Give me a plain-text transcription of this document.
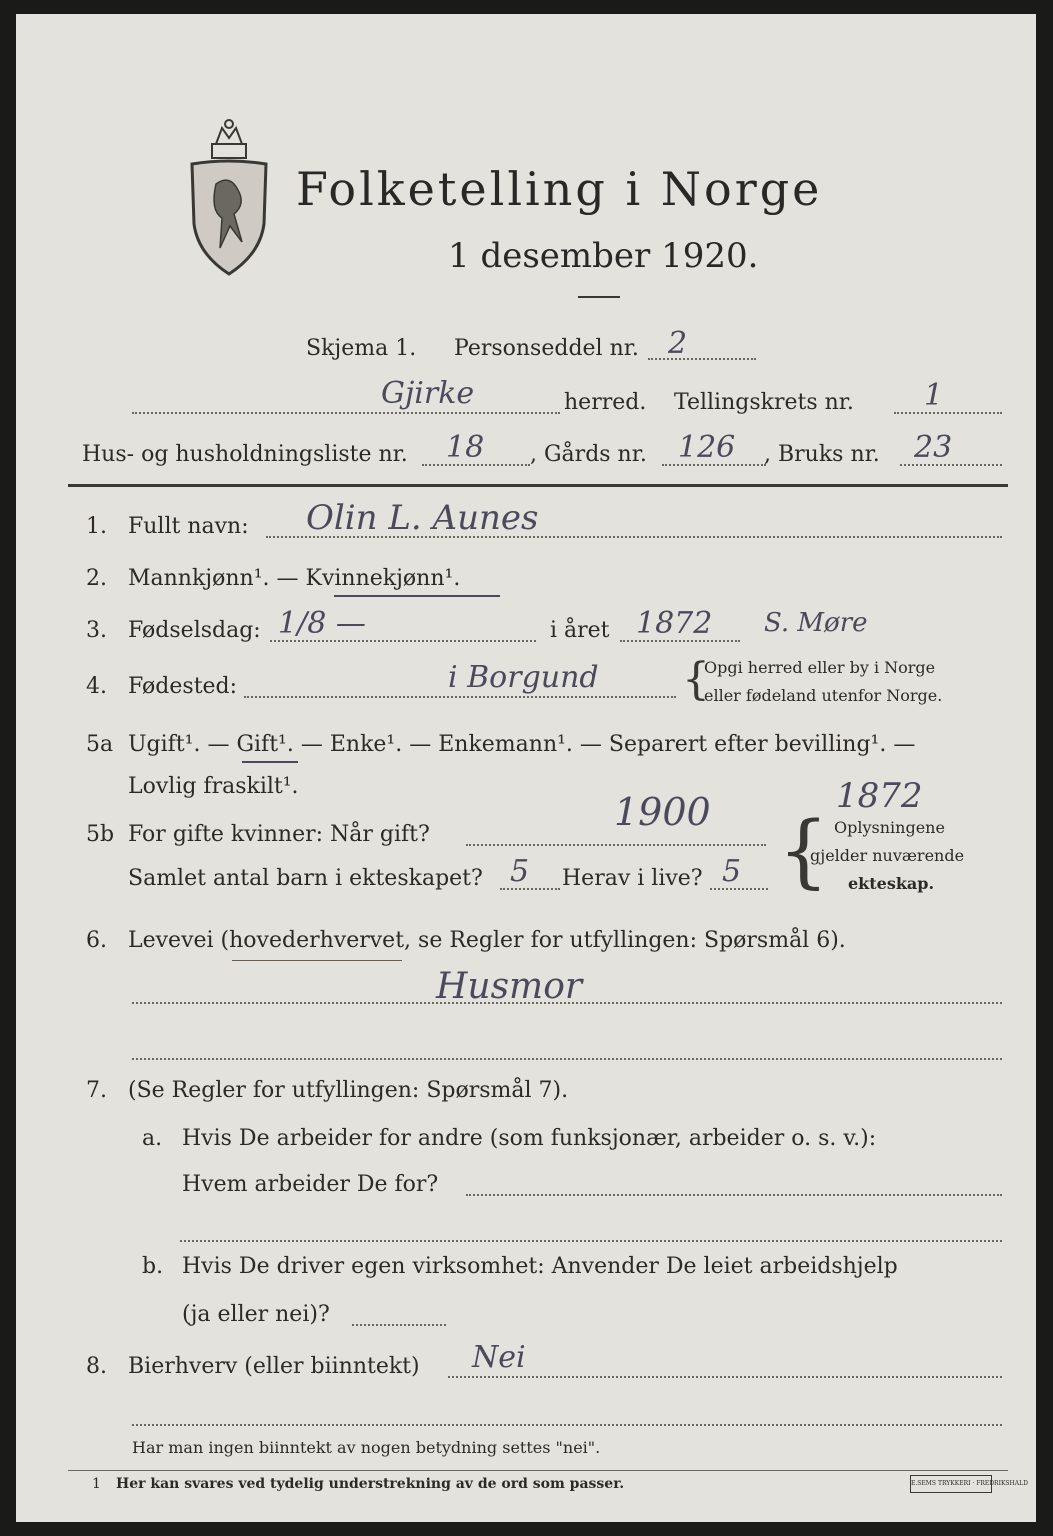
Folketelling i Norge
1 desember 1920.
Skjema 1. Personseddel nr. 2
Gjirke	herred. Tellingskrets nr. 1
Hus- og husholdningsliste nr. 18 , Gårds nr. 126 , Bruks nr. 23
1. Fullt navn: Olin L. Aunes
2. Mannkjønn¹. — Kvinnekjønn¹.
3. Fødselsdag: 1/8 —	i året 1872 S. Møre
4. Fødested:	i Borgund {
Opgi herred eller by i Norge
eller fødeland utenfor Norge.
5a Ugift¹. — Gift¹. — Enke¹. — Enkemann¹. — Separert efter bevilling¹. —
Lovlig fraskilt¹.
5b For gifte kvinner: Når gift?
1900	1872
Samlet antal barn i ekteskapet? 5 Herav i live? 5 { Oplysningene
gjelder nuværende
ekteskap.
6. Levevei (hovederhvervet, se Regler for utfyllingen: Spørsmål 6).
Husmor
7. (Se Regler for utfyllingen: Spørsmål 7).
a. Hvis De arbeider for andre (som funksjonær, arbeider o. s. v.):
Hvem arbeider De for?
b. Hvis De driver egen virksomhet: Anvender De leiet arbeidshjelp
(ja eller nei)?
8. Bierhverv (eller biinntekt) Nei
Har man ingen biinntekt av nogen betydning settes "nei".
1 Her kan svares ved tydelig understrekning av de ord som passer.	E.SEMS TRYKKERI · FREDRIKSHALD
